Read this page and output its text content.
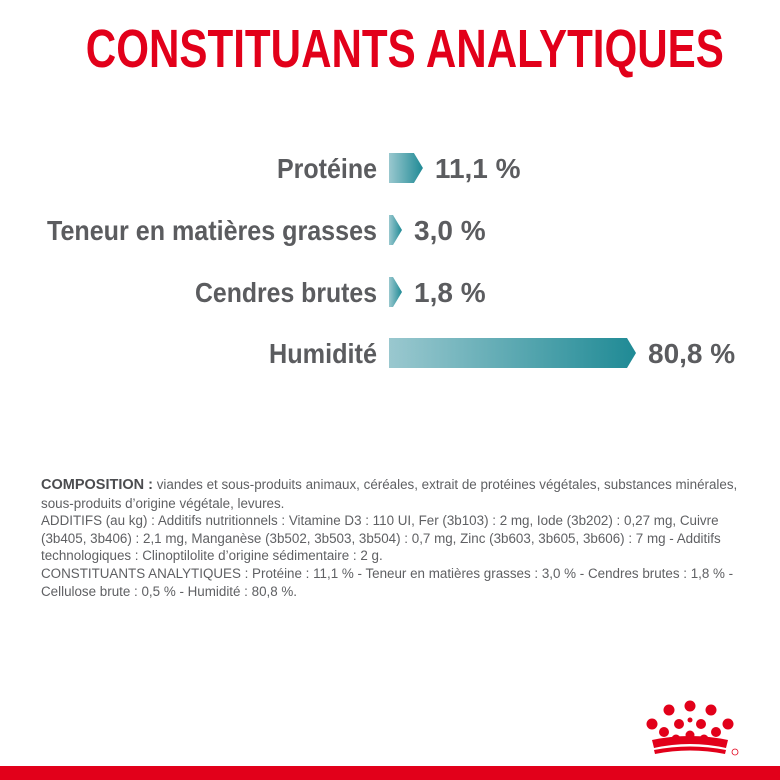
CONSTITUANTS ANALYTIQUES
Protéine 11,1 %
Teneur en matières grasses 3,0 %
Cendres brutes 1,8 %
Humidité	80,8 %

COMPOSITION : viandes et sous-produits animaux, céréales, extrait de protéines végétales, substances minérales, sous-produits d’origine végétale, levures.

ADDITIFS (au kg) : Additifs nutritionnels : Vitamine D3 : 110 UI, Fer (3b103) : 2 mg, Iode (3b202) : 0,27 mg, Cuivre (3b405, 3b406) : 2,1 mg, Manganèse (3b502, 3b503, 3b504) : 0,7 mg, Zinc (3b603, 3b605, 3b606) : 7 mg - Additifs technologiques : Clinoptilolite d’origine sédimentaire : 2 g.

CONSTITUANTS ANALYTIQUES : Protéine : 11,1 % - Teneur en matières grasses : 3,0 % - Cendres brutes : 1,8 % - Cellulose brute : 0,5 % - Humidité : 80,8 %.
